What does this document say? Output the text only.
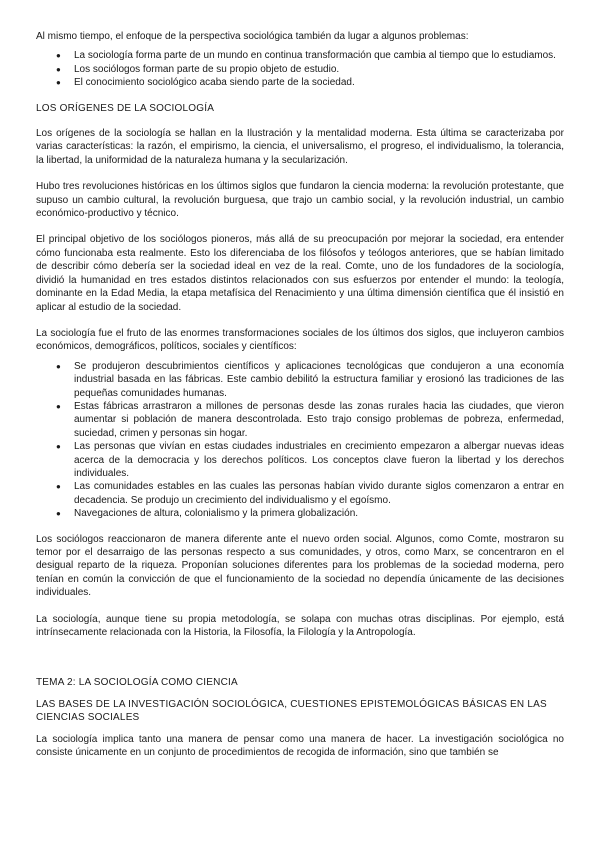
Al mismo tiempo, el enfoque de la perspectiva sociológica también da lugar a algunos problemas:

● La sociología forma parte de un mundo en continua transformación que cambia al tiempo que lo estudiamos.
● Los sociólogos forman parte de su propio objeto de estudio.
● El conocimiento sociológico acaba siendo parte de la sociedad.
LOS ORÍGENES DE LA SOCIOLOGÍA

Los orígenes de la sociología se hallan en la Ilustración y la mentalidad moderna. Esta última se caracterizaba por varias características: la razón, el empirismo, la ciencia, el universalismo, el progreso, el individualismo, la tolerancia, la libertad, la uniformidad de la naturaleza humana y la secularización.

Hubo tres revoluciones históricas en los últimos siglos que fundaron la ciencia moderna: la revolución protestante, que supuso un cambio cultural, la revolución burguesa, que trajo un cambio social, y la revolución industrial, un cambio económico-productivo y técnico.

El principal objetivo de los sociólogos pioneros, más allá de su preocupación por mejorar la sociedad, era entender cómo funcionaba esta realmente. Esto los diferenciaba de los filósofos y teólogos anteriores, que se habían limitado de describir cómo debería ser la sociedad ideal en vez de la real. Comte, uno de los fundadores de la sociología, dividió la humanidad en tres estados distintos relacionados con sus esfuerzos por entender el mundo: la teología, dominante en la Edad Media, la etapa metafísica del Renacimiento y una última dimensión científica que él insistió en aplicar al estudio de la sociedad.

La sociología fue el fruto de las enormes transformaciones sociales de los últimos dos siglos, que incluyeron cambios económicos, demográficos, políticos, sociales y científicos:

● Se produjeron descubrimientos científicos y aplicaciones tecnológicas que condujeron a una economía industrial basada en las fábricas. Este cambio debilitó la estructura familiar y erosionó las tradiciones de las pequeñas comunidades humanas.
● Estas fábricas arrastraron a millones de personas desde las zonas rurales hacia las ciudades, que vieron aumentar si población de manera descontrolada. Esto trajo consigo problemas de pobreza, enfermedad, suciedad, crimen y personas sin hogar.
● Las personas que vivían en estas ciudades industriales en crecimiento empezaron a albergar nuevas ideas acerca de la democracia y los derechos políticos. Los conceptos clave fueron la libertad y los derechos individuales.
● Las comunidades estables en las cuales las personas habían vivido durante siglos comenzaron a entrar en decadencia. Se produjo un crecimiento del individualismo y el egoísmo.
● Navegaciones de altura, colonialismo y la primera globalización.

Los sociólogos reaccionaron de manera diferente ante el nuevo orden social. Algunos, como Comte, mostraron su temor por el desarraigo de las personas respecto a sus comunidades, y otros, como Marx, se concentraron en el desigual reparto de la riqueza. Proponían soluciones diferentes para los problemas de la sociedad moderna, pero tenían en común la convicción de que el funcionamiento de la sociedad no dependía únicamente de las decisiones individuales.

La sociología, aunque tiene su propia metodología, se solapa con muchas otras disciplinas. Por ejemplo, está intrínsecamente relacionada con la Historia, la Filosofía, la Filología y la Antropología.

TEMA 2: LA SOCIOLOGÍA COMO CIENCIA
LAS BASES DE LA INVESTIGACIÓN SOCIOLÓGICA, CUESTIONES EPISTEMOLÓGICAS BÁSICAS EN LAS CIENCIAS SOCIALES

La sociología implica tanto una manera de pensar como una manera de hacer. La investigación sociológica no consiste únicamente en un conjunto de procedimientos de recogida de información, sino que también se
